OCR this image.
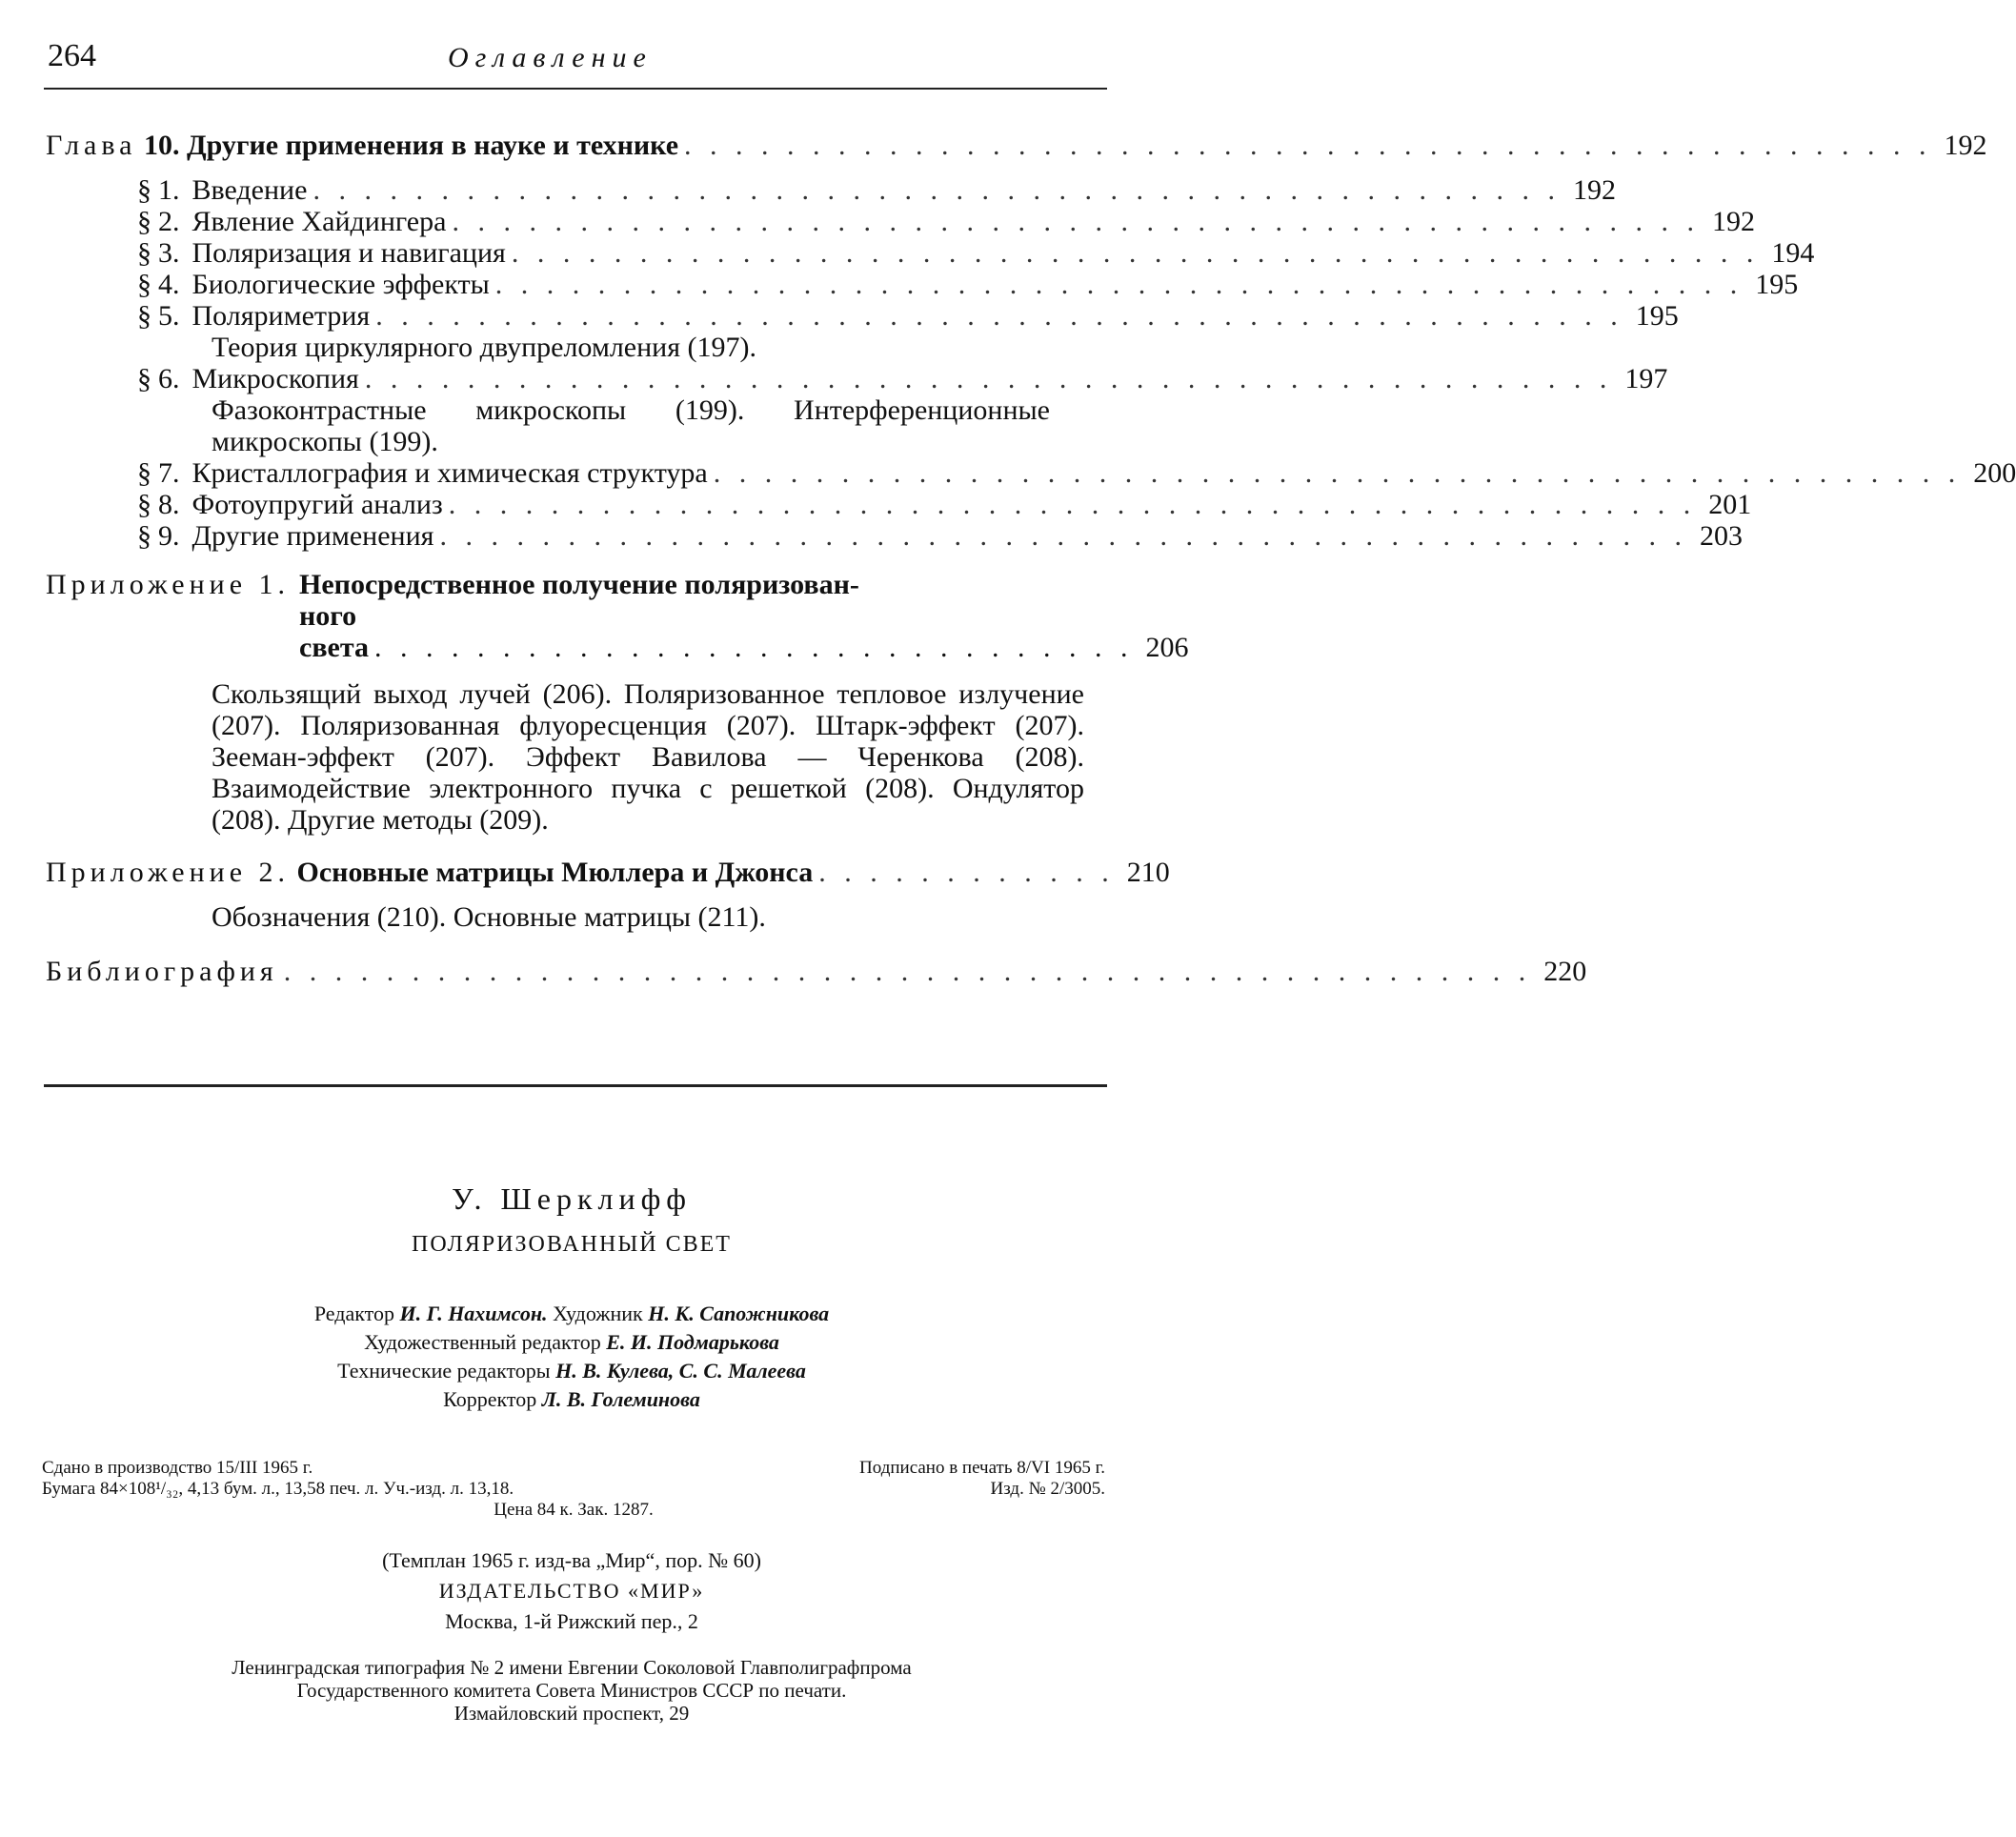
264	Оглавление
Глава 10. Другие применения в науке и технике . . . . . . . . . . . . . . . . . . . . . . . . . . . . . . . . . . . . . . . . . . . . . . . . . 192
§ 1. Введение . . . . . . . . . . . . . . . . . . . . . . . . . . . . . . . . . . . . . . . . . . . . . . . . . 192
§ 2. Явление Хайдингера . . . . . . . . . . . . . . . . . . . . . . . . . . . . . . . . . . . . . . . . . . . . . . . . . 192
§ 3. Поляризация и навигация . . . . . . . . . . . . . . . . . . . . . . . . . . . . . . . . . . . . . . . . . . . . . . . . . 194
§ 4. Биологические эффекты . . . . . . . . . . . . . . . . . . . . . . . . . . . . . . . . . . . . . . . . . . . . . . . . . 195
§ 5. Поляриметрия . . . . . . . . . . . . . . . . . . . . . . . . . . . . . . . . . . . . . . . . . . . . . . . . . 195
Теория циркулярного двупреломления (197).
§ 6. Микроскопия . . . . . . . . . . . . . . . . . . . . . . . . . . . . . . . . . . . . . . . . . . . . . . . . . 197
Фазоконтрастные микроскопы (199). Интерференционные микроскопы (199).
§ 7. Кристаллография и химическая структура . . . . . . . . . . . . . . . . . . . . . . . . . . . . . . . . . . . . . . . . . . . . . . . . . 200
§ 8. Фотоупругий анализ . . . . . . . . . . . . . . . . . . . . . . . . . . . . . . . . . . . . . . . . . . . . . . . . . 201
§ 9. Другие применения . . . . . . . . . . . . . . . . . . . . . . . . . . . . . . . . . . . . . . . . . . . . . . . . . 203
Приложение 1. Непосредственное получение поляризован-
ного света . . . . . . . . . . . . . . . . . . . . . . . . . . . . . . 206
Скользящий выход лучей (206). Поляризованное тепловое излучение (207). Поляризованная флуоресценция (207). Штарк-эффект (207). Зееман-эффект (207). Эффект Вавилова — Черенкова (208). Взаимодействие электронного пучка с решеткой (208). Ондулятор (208). Другие методы (209).
Приложение 2. Основные матрицы Мюллера и Джонса . . . . . . . . . . . . 210
Обозначения (210). Основные матрицы (211).
Библиография . . . . . . . . . . . . . . . . . . . . . . . . . . . . . . . . . . . . . . . . . . . . . . . . . 220
У. Шерклифф
ПОЛЯРИЗОВАННЫЙ СВЕТ
Редактор И. Г. Нахимсон. Художник Н. К. Сапожникова
Художественный редактор Е. И. Подмарькова
Технические редакторы Н. В. Кулева, С. С. Малеева
Корректор Л. В. Големинова
Сдано в производство 15/III 1965 г.	Подписано в печать 8/VI 1965 г.
Бумага 84×108¹/₃₂, 4,13 бум. л., 13,58 печ. л. Уч.-изд. л. 13,18.	Изд. № 2/3005.
Цена 84 к. Зак. 1287.
(Темплан 1965 г. изд-ва „Мир“, пор. № 60)
ИЗДАТЕЛЬСТВО «МИР»
Москва, 1-й Рижский пер., 2
Ленинградская типография № 2 имени Евгении Соколовой Главполиграфпрома
Государственного комитета Совета Министров СССР по печати.
Измайловский проспект, 29
